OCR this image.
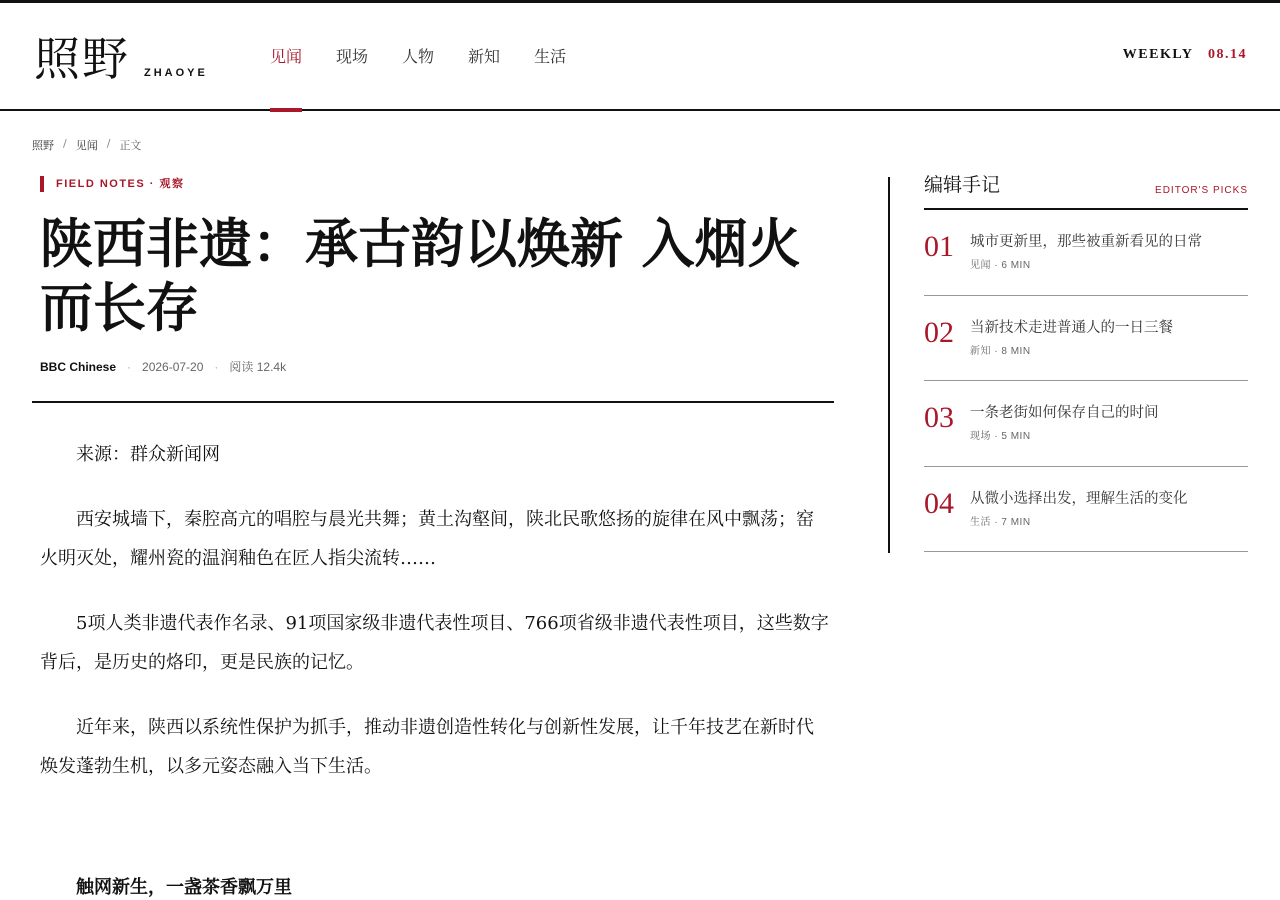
照野 ZHAOYE
见闻 现场 人物 新知 生活	WEEKLY 08.14
照野 / 见闻 / 正文
FIELD NOTES · 观察
陕西非遗：承古韵以焕新 入烟火而长存
BBC Chinese · 2026-07-20 · 阅读 12.4k

来源：群众新闻网

西安城墙下，秦腔高亢的唱腔与晨光共舞；黄土沟壑间，陕北民歌悠扬的旋律在风中飘荡；窑火明灭处，耀州瓷的温润釉色在匠人指尖流转……

5项人类非遗代表作名录、91项国家级非遗代表性项目、766项省级非遗代表性项目，这些数字背后，是历史的烙印，更是民族的记忆。

近年来，陕西以系统性保护为抓手，推动非遗创造性转化与创新性发展，让千年技艺在新时代焕发蓬勃生机，以多元姿态融入当下生活。

触网新生，一盏茶香飘万里

编辑手记	EDITOR'S PICKS
01	城市更新里，那些被重新看见的日常
见闻 · 6 MIN
02	当新技术走进普通人的一日三餐
新知 · 8 MIN
03	一条老街如何保存自己的时间
现场 · 5 MIN
04	从微小选择出发，理解生活的变化
生活 · 7 MIN
